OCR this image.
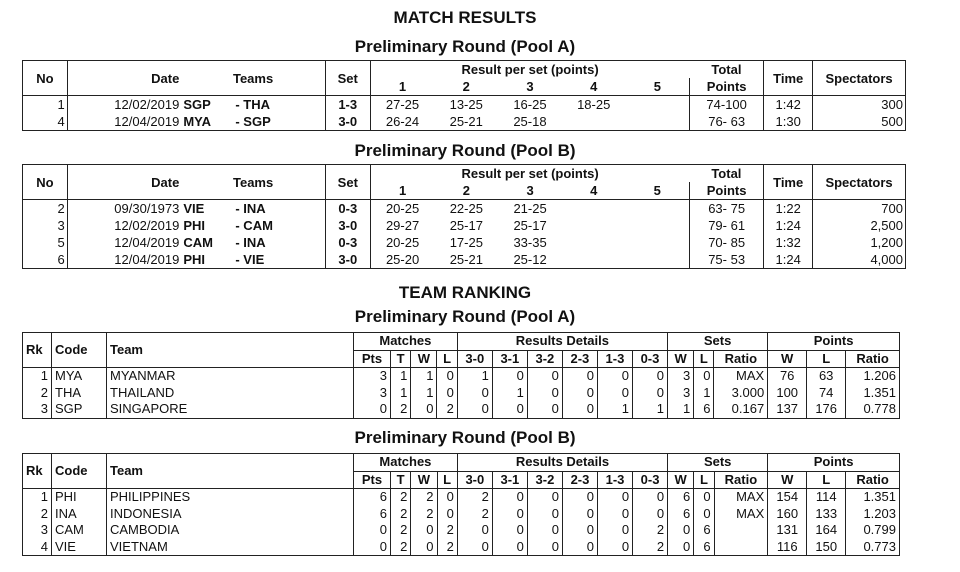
MATCH RESULTS
Preliminary Round (Pool A)
No	Date	Teams	Set	Result per set (points)					Total	Time	Spectators
				1	2	3	4	5	Points		
1	12/02/2019	SGP - THA	1-3	27-25	13-25	16-25	18-25		74-100	1:42	300
4	12/04/2019	MYA - SGP	3-0	26-24	25-21	25-18			76- 63	1:30	500
Preliminary Round (Pool B)
No	Date	Teams	Set	Result per set (points)					Total	Time	Spectators
				1	2	3	4	5	Points		
2	09/30/1973	VIE - INA	0-3	20-25	22-25	21-25			63- 75	1:22	700
3	12/02/2019	PHI - CAM	3-0	29-27	25-17	25-17			79- 61	1:24	2,500
5	12/04/2019	CAM - INA	0-3	20-25	17-25	33-35			70- 85	1:32	1,200
6	12/04/2019	PHI - VIE	3-0	25-20	25-21	25-12			75- 53	1:24	4,000
TEAM RANKING
Preliminary Round (Pool A)
Rk	Code	Team	Matches				Results Details						Sets			Points		
			Pts	T	W	L	3-0	3-1	3-2	2-3	1-3	0-3	W	L	Ratio	W	L	Ratio
1	MYA	MYANMAR	3	1	1	0	1	0	0	0	0	0	3	0	MAX	76	63	1.206
2	THA	THAILAND	3	1	1	0	0	1	0	0	0	0	3	1	3.000	100	74	1.351
3	SGP	SINGAPORE	0	2	0	2	0	0	0	0	1	1	1	6	0.167	137	176	0.778
Preliminary Round (Pool B)
Rk	Code	Team	Matches				Results Details						Sets			Points		
			Pts	T	W	L	3-0	3-1	3-2	2-3	1-3	0-3	W	L	Ratio	W	L	Ratio
1	PHI	PHILIPPINES	6	2	2	0	2	0	0	0	0	0	6	0	MAX	154	114	1.351
2	INA	INDONESIA	6	2	2	0	2	0	0	0	0	0	6	0	MAX	160	133	1.203
3	CAM	CAMBODIA	0	2	0	2	0	0	0	0	0	2	0	6		131	164	0.799
4	VIE	VIETNAM	0	2	0	2	0	0	0	0	0	2	0	6		116	150	0.773
